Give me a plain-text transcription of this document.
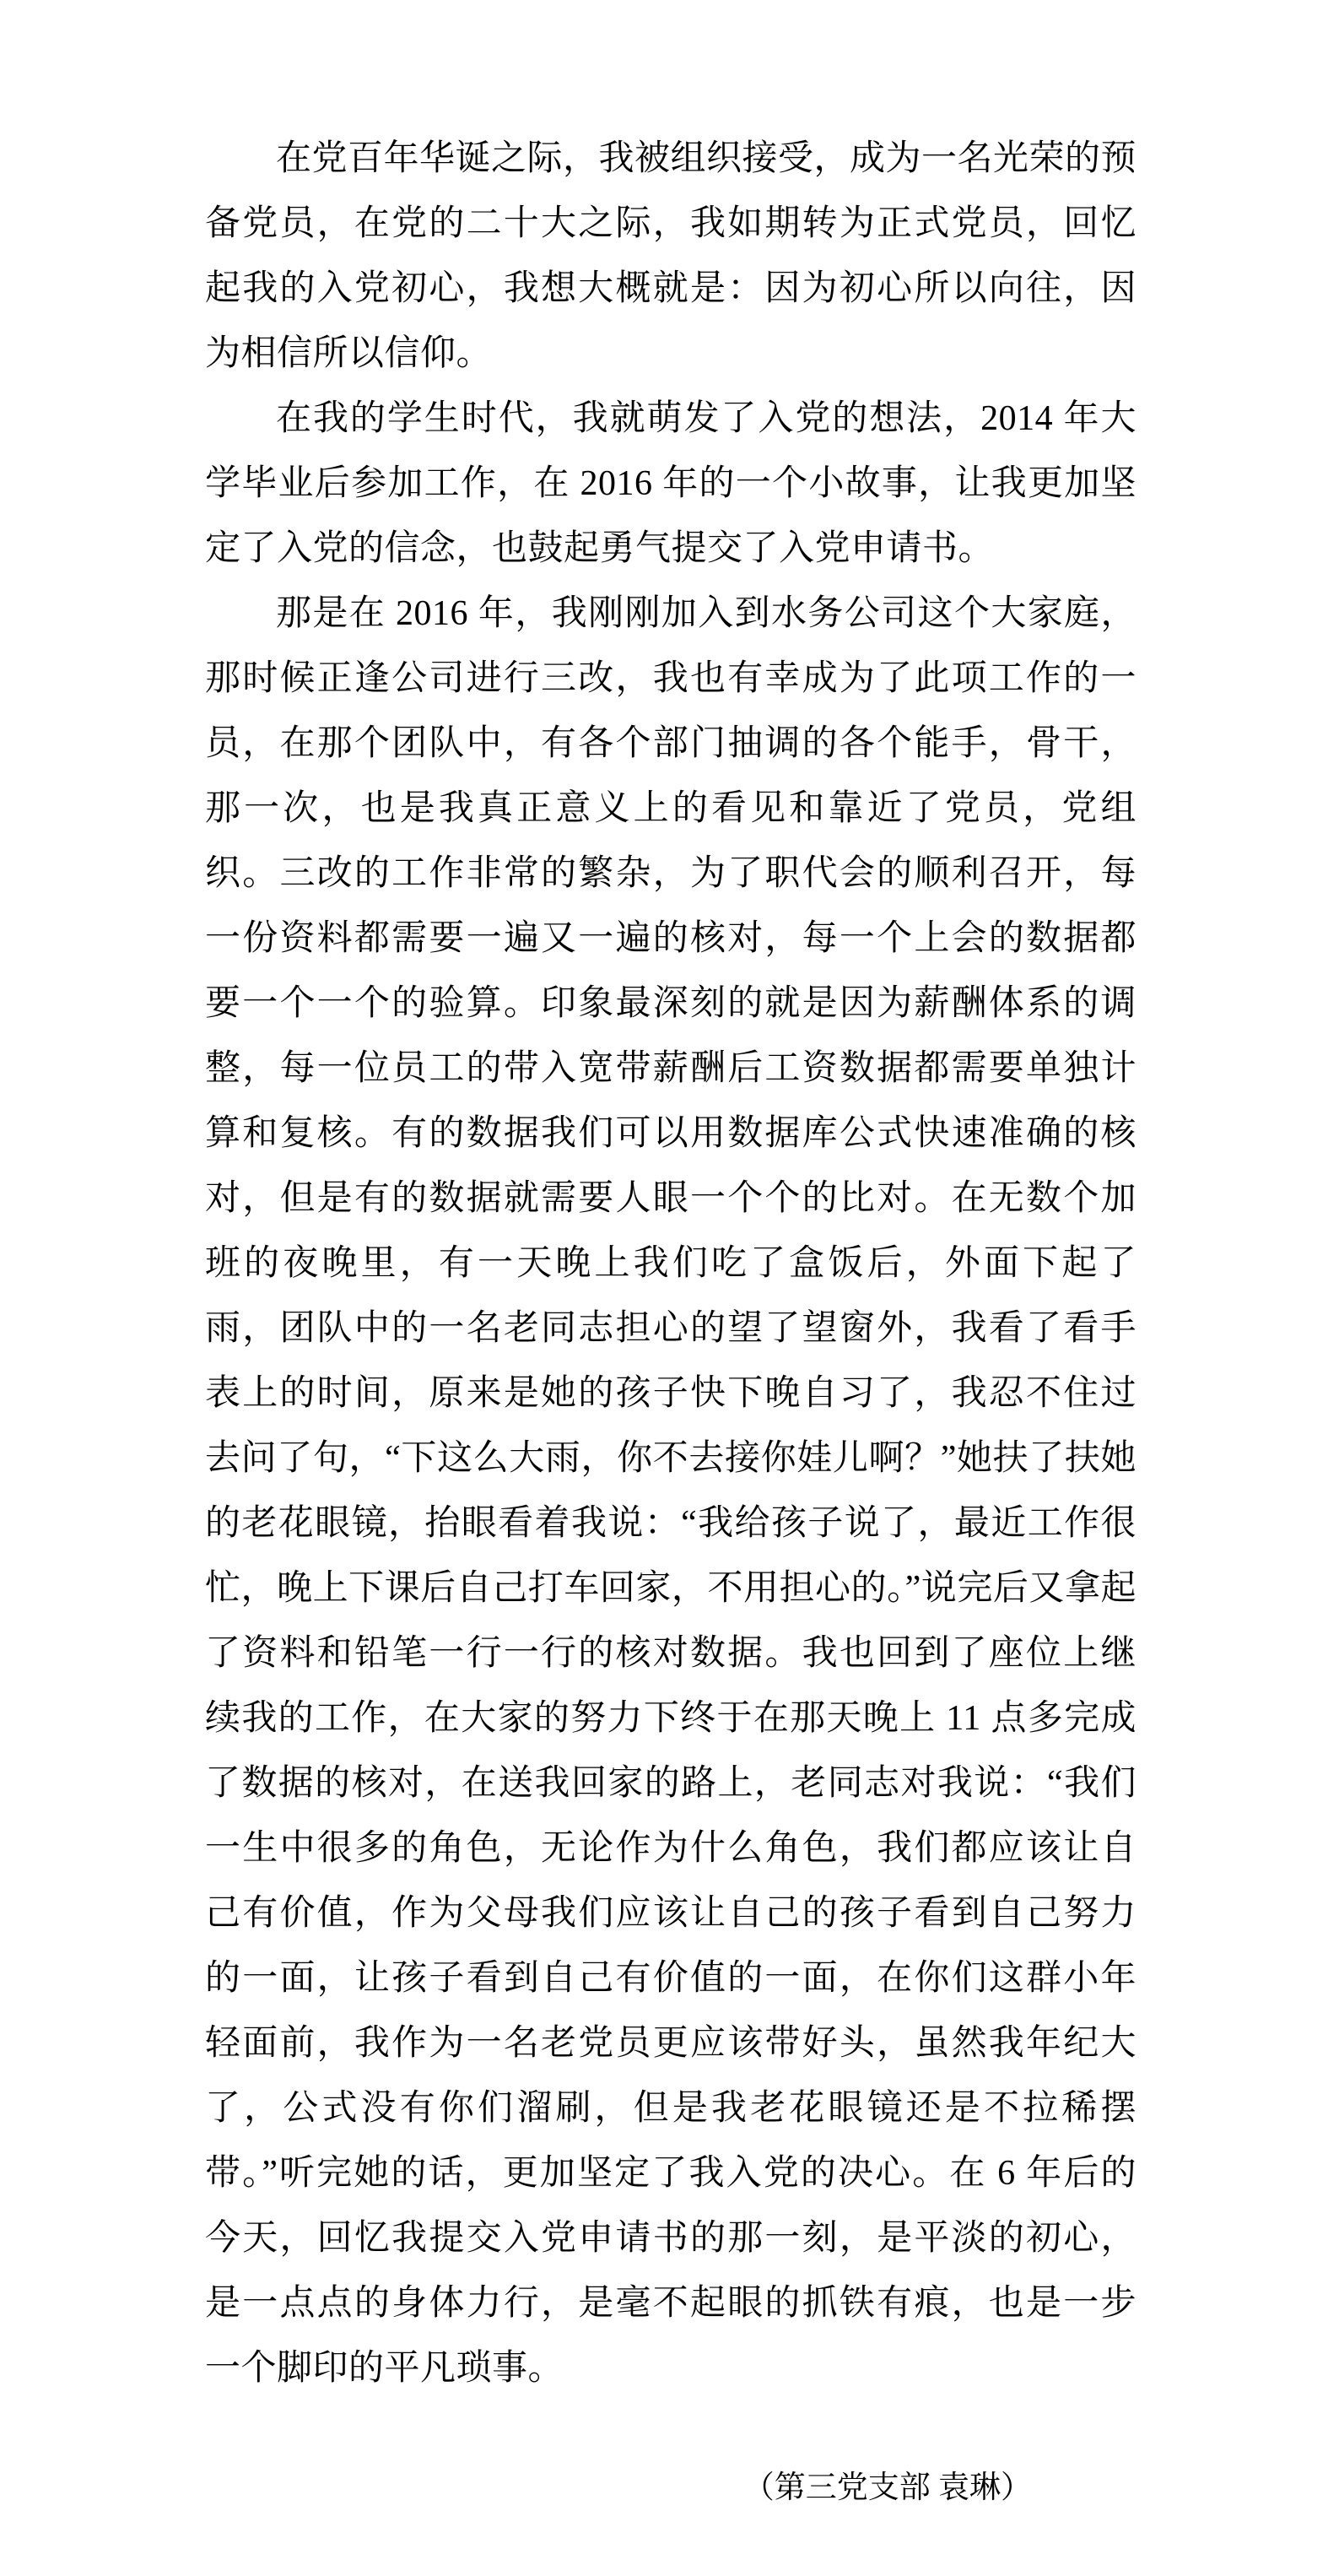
在党百年华诞之际，我被组织接受，成为一名光荣的预备党员，在党的二十大之际，我如期转为正式党员，回忆起我的入党初心，我想大概就是：因为初心所以向往，因为相信所以信仰。

在我的学生时代，我就萌发了入党的想法，2014 年大学毕业后参加工作，在 2016 年的一个小故事，让我更加坚定了入党的信念，也鼓起勇气提交了入党申请书。

那是在 2016 年，我刚刚加入到水务公司这个大家庭，那时候正逢公司进行三改，我也有幸成为了此项工作的一员，在那个团队中，有各个部门抽调的各个能手，骨干，那一次，也是我真正意义上的看见和靠近了党员，党组织。三改的工作非常的繁杂，为了职代会的顺利召开，每一份资料都需要一遍又一遍的核对，每一个上会的数据都要一个一个的验算。印象最深刻的就是因为薪酬体系的调整，每一位员工的带入宽带薪酬后工资数据都需要单独计算和复核。有的数据我们可以用数据库公式快速准确的核对，但是有的数据就需要人眼一个个的比对。在无数个加班的夜晚里，有一天晚上我们吃了盒饭后，外面下起了雨，团队中的一名老同志担心的望了望窗外，我看了看手表上的时间，原来是她的孩子快下晚自习了，我忍不住过去问了句，“下这么大雨，你不去接你娃儿啊？”她扶了扶她的老花眼镜，抬眼看着我说：“我给孩子说了，最近工作很忙，晚上下课后自己打车回家，不用担心的。”说完后又拿起了资料和铅笔一行一行的核对数据。我也回到了座位上继续我的工作，在大家的努力下终于在那天晚上 11 点多完成了数据的核对，在送我回家的路上，老同志对我说：“我们一生中很多的角色，无论作为什么角色，我们都应该让自己有价值，作为父母我们应该让自己的孩子看到自己努力的一面，让孩子看到自己有价值的一面，在你们这群小年轻面前，我作为一名老党员更应该带好头，虽然我年纪大了，公式没有你们溜刷，但是我老花眼镜还是不拉稀摆带。”听完她的话，更加坚定了我入党的决心。在 6 年后的今天，回忆我提交入党申请书的那一刻，是平淡的初心，是一点点的身体力行，是毫不起眼的抓铁有痕，也是一步一个脚印的平凡琐事。

（第三党支部 袁琳）
